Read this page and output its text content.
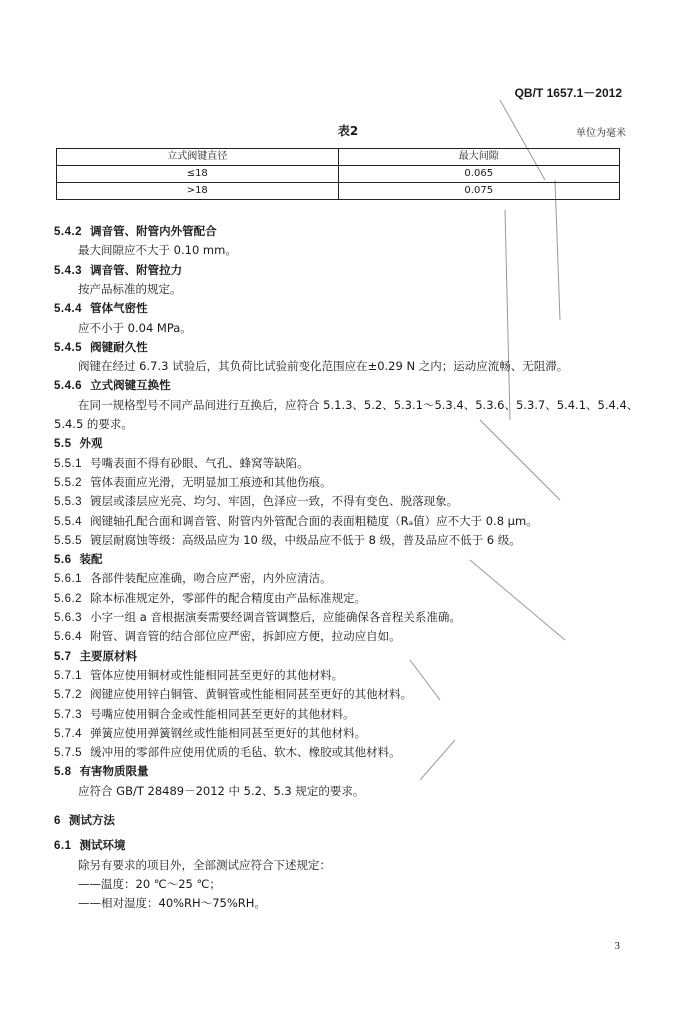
QB/T 1657.1－2012
表2	单位为毫米
立式阀键直径	最大间隙
≤18	0.065
>18	0.075
5.4.2 调音管、附管内外管配合
最大间隙应不大于 0.10 mm。
5.4.3 调音管、附管拉力
按产品标准的规定。
5.4.4 管体气密性
应不小于 0.04 MPa。
5.4.5 阀键耐久性
阀键在经过 6.7.3 试验后，其负荷比试验前变化范围应在±0.29 N 之内；运动应流畅、无阻滞。
5.4.6 立式阀键互换性
在同一规格型号不同产品间进行互换后，应符合 5.1.3、5.2、5.3.1～5.3.4、5.3.6、5.3.7、5.4.1、5.4.4、
5.4.5 的要求。
5.5 外观
5.5.1 号嘴表面不得有砂眼、气孔、蜂窝等缺陷。
5.5.2 管体表面应光滑，无明显加工痕迹和其他伤痕。
5.5.3 镀层或漆层应光亮、均匀、牢固，色泽应一致，不得有变色、脱落现象。
5.5.4 阀键轴孔配合面和调音管、附管内外管配合面的表面粗糙度（Rₐ值）应不大于 0.8 μm。
5.5.5 镀层耐腐蚀等级：高级品应为 10 级，中级品应不低于 8 级，普及品应不低于 6 级。
5.6 装配
5.6.1 各部件装配应准确，吻合应严密，内外应清洁。
5.6.2 除本标准规定外，零部件的配合精度由产品标准规定。
5.6.3 小字一组 a 音根据演奏需要经调音管调整后，应能确保各音程关系准确。
5.6.4 附管、调音管的结合部位应严密，拆卸应方便，拉动应自如。
5.7 主要原材料
5.7.1 管体应使用铜材或性能相同甚至更好的其他材料。
5.7.2 阀键应使用锌白铜管、黄铜管或性能相同甚至更好的其他材料。
5.7.3 号嘴应使用铜合金或性能相同甚至更好的其他材料。
5.7.4 弹簧应使用弹簧钢丝或性能相同甚至更好的其他材料。
5.7.5 缓冲用的零部件应使用优质的毛毡、软木、橡胶或其他材料。
5.8 有害物质限量
应符合 GB/T 28489－2012 中 5.2、5.3 规定的要求。
6 测试方法
6.1 测试环境
除另有要求的项目外，全部测试应符合下述规定：
——温度：20 ℃～25 ℃；
——相对湿度：40%RH～75%RH。
3
